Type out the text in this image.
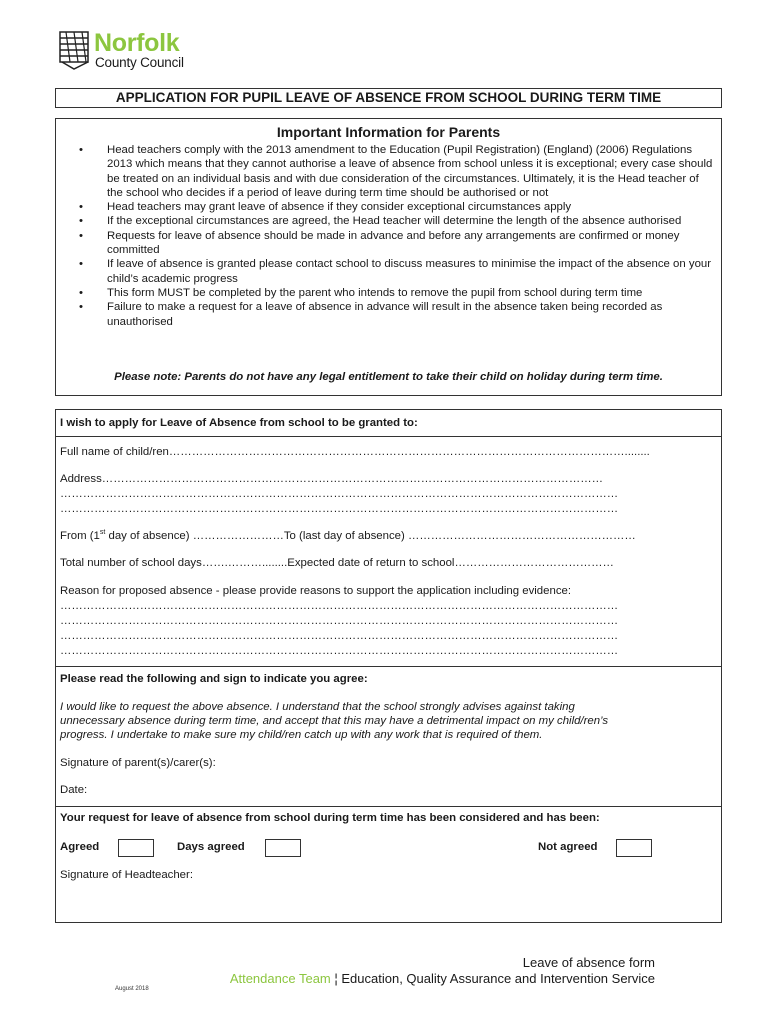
Norfolk
County Council
APPLICATION FOR PUPIL LEAVE OF ABSENCE FROM SCHOOL DURING TERM TIME
Important Information for Parents
• Head teachers comply with the 2013 amendment to the Education (Pupil Registration) (England) (2006) Regulations 2013 which means that they cannot authorise a leave of absence from school unless it is exceptional; every case should be treated on an individual basis and with due consideration of the circumstances. Ultimately, it is the Head teacher of the school who decides if a period of leave during term time should be authorised or not
• Head teachers may grant leave of absence if they consider exceptional circumstances apply
• If the exceptional circumstances are agreed, the Head teacher will determine the length of the absence authorised
• Requests for leave of absence should be made in advance and before any arrangements are confirmed or money committed
• If leave of absence is granted please contact school to discuss measures to minimise the impact of the absence on your child’s academic progress
• This form MUST be completed by the parent who intends to remove the pupil from school during term time
• Failure to make a request for a leave of absence in advance will result in the absence taken being recorded as unauthorised
Please note: Parents do not have any legal entitlement to take their child on holiday during term time.
I wish to apply for Leave of Absence from school to be granted to:
Full name of child/ren…………………………………………………………………………………………………………........
Address……………………………………………………………………………………………………………………
…………………………………………………………………………………………………………………………………
…………………………………………………………………………………………………………………………………
From (1st day of absence) ……………………To (last day of absence) ……………………………………………………
Total number of school days…….………........Expected date of return to school……………………………………
Reason for proposed absence - please provide reasons to support the application including evidence:
…………………………………………………………………………………………………………………………………
…………………………………………………………………………………………………………………………………
…………………………………………………………………………………………………………………………………
…………………………………………………………………………………………………………………………………
Please read the following and sign to indicate you agree:
I would like to request the above absence. I understand that the school strongly advises against taking
unnecessary absence during term time, and accept that this may have a detrimental impact on my child/ren’s
progress. I undertake to make sure my child/ren catch up with any work that is required of them.
Signature of parent(s)/carer(s):
Date:
Your request for leave of absence from school during term time has been considered and has been:
Agreed	Days agreed	Not agreed
Signature of Headteacher:
Leave of absence form
Attendance Team ¦ Education, Quality Assurance and Intervention Service
August 2018
